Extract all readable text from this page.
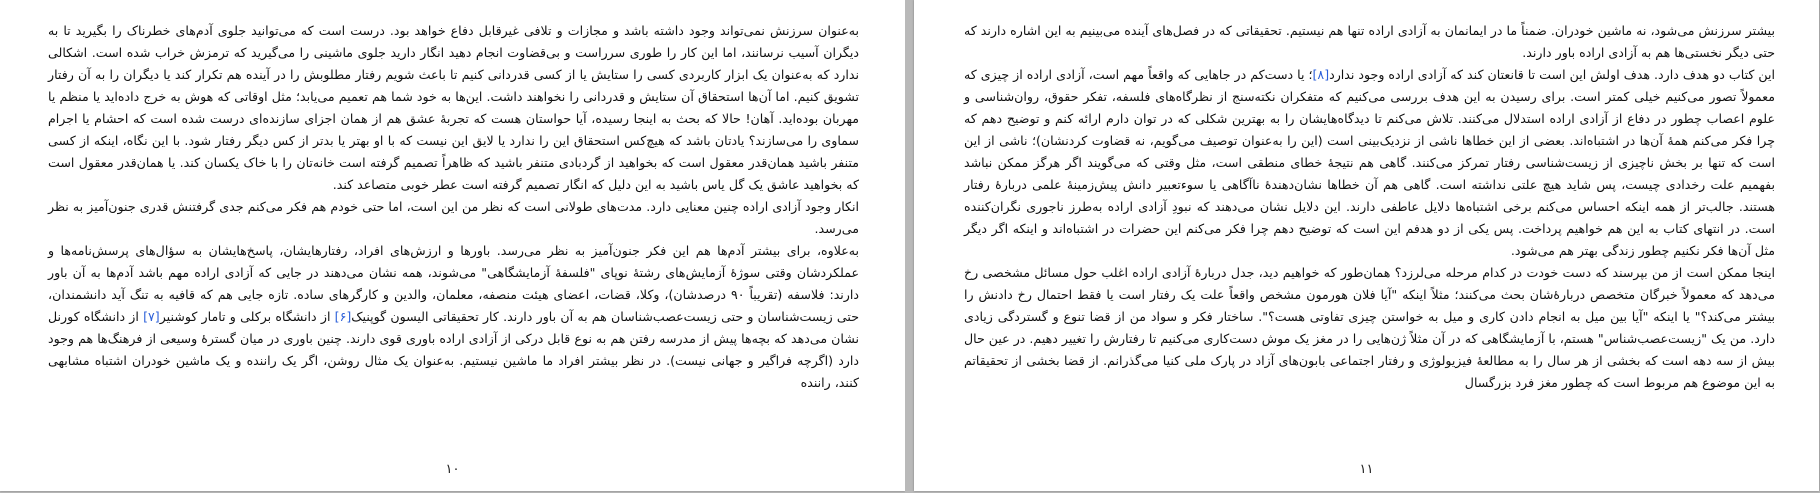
به‌عنوان سرزنش نمی‌تواند وجود داشته باشد و مجازات و تلافی غیرقابل دفاع خواهد بود. درست است که می‌توانید جلوی آدم‌های خطرناک را بگیرید تا به دیگران آسیب نرسانند، اما این کار را طوری سرراست و بی‌قضاوت انجام دهید انگار دارید جلوی ماشینی را می‌گیرید که ترمزش خراب شده است. اشکالی ندارد که به‌عنوان یک ابزار کاربردی کسی را ستایش یا از کسی قدردانی کنیم تا باعث شویم رفتار مطلوبش را در آینده هم تکرار کند یا دیگران را به آن رفتار تشویق کنیم. اما آن‌ها استحقاق آن ستایش و قدردانی را نخواهند داشت. این‌ها به خود شما هم تعمیم می‌یابد؛ مثل اوقاتی که هوش به خرج داده‌اید یا منظم یا مهربان بوده‌اید. آهان! حالا که بحث به اینجا رسیده، آیا حواستان هست که تجربهٔ عشق هم از همان اجزای سازنده‌ای درست شده است که احشام یا اجرام سماوی را می‌سازند؟ یادتان باشد که هیچ‌کس استحقاق این را ندارد یا لایق این نیست که با او بهتر یا بدتر از کس دیگر رفتار شود. با این نگاه، اینکه از کسی متنفر باشید همان‌قدر معقول است که بخواهید از گردبادی متنفر باشید که ظاهراً تصمیم گرفته است خانه‌تان را با خاک یکسان کند. یا همان‌قدر معقول است که بخواهید عاشق یک گل یاس باشید به این دلیل که انگار تصمیم گرفته است عطر خوبی متصاعد کند.

انکار وجود آزادی اراده چنین معنایی دارد. مدت‌های طولانی است که نظر من این است، اما حتی خودم هم فکر می‌کنم جدی گرفتنش قدری جنون‌آمیز به نظر می‌رسد.

به‌علاوه، برای بیشتر آدم‌ها هم این فکر جنون‌آمیز به نظر می‌رسد. باورها و ارزش‌های افراد، رفتارهایشان، پاسخ‌هایشان به سؤال‌های پرسش‌نامه‌ها و عملکردشان وقتی سوژهٔ آزمایش‌های رشتهٔ نوپای "فلسفهٔ آزمایشگاهی" می‌شوند، همه نشان می‌دهند در جایی که آزادی اراده مهم باشد آدم‌ها به آن باور دارند: فلاسفه (تقریباً ۹۰ درصدشان)، وکلا، قضات، اعضای هیئت منصفه، معلمان، والدین و کارگرهای ساده. تازه جایی هم که قافیه به تنگ آید دانشمندان، حتی زیست‌شناسان و حتی زیست‌عصب‌شناسان هم به آن باور دارند. کار تحقیقاتی الیسون گوپنیک[۶] از دانشگاه برکلی و تامار کوشنیر[۷] از دانشگاه کورنل نشان می‌دهد که بچه‌ها پیش از مدرسه رفتن هم به نوع قابل درکی از آزادی اراده باوری قوی دارند. چنین باوری در میان گسترهٔ وسیعی از فرهنگ‌ها هم وجود دارد (اگرچه فراگیر و جهانی نیست). در نظر بیشتر افراد ما ماشین نیستیم. به‌عنوان یک مثال روشن، اگر یک راننده و یک ماشین خودران اشتباه مشابهی کنند، راننده

۱۰

بیشتر سرزنش می‌شود، نه ماشین خودران. ضمناً ما در ایمانمان به آزادی اراده تنها هم نیستیم. تحقیقاتی که در فصل‌های آینده می‌بینیم به این اشاره دارند که حتی دیگر نخستی‌ها هم به آزادی اراده باور دارند.

این کتاب دو هدف دارد. هدف اولش این است تا قانعتان کند که آزادی اراده وجود ندارد[۸]؛ یا دست‌کم در جاهایی که واقعاً مهم است، آزادی اراده از چیزی که معمولاً تصور می‌کنیم خیلی کمتر است. برای رسیدن به این هدف بررسی می‌کنیم که متفکران نکته‌سنج از نظرگاه‌های فلسفه، تفکر حقوق، روان‌شناسی و علوم اعصاب چطور در دفاع از آزادی اراده استدلال می‌کنند. تلاش می‌کنم تا دیدگاه‌هایشان را به بهترین شکلی که در توان دارم ارائه کنم و توضیح دهم که چرا فکر می‌کنم همهٔ آن‌ها در اشتباه‌اند. بعضی از این خطاها ناشی از نزدیک‌بینی است (این را به‌عنوان توصیف می‌گویم، نه قضاوت کردنشان)؛ ناشی از این است که تنها بر بخش ناچیزی از زیست‌شناسی رفتار تمرکز می‌کنند. گاهی هم نتیجهٔ خطای منطقی است، مثل وقتی که می‌گویند اگر هرگز ممکن نباشد بفهمیم علت رخدادی چیست، پس شاید هیچ علتی نداشته است. گاهی هم آن خطاها نشان‌دهندهٔ ناآگاهی یا سوءتعبیر دانش پیش‌زمینهٔ علمی دربارهٔ رفتار هستند. جالب‌تر از همه اینکه احساس می‌کنم برخی اشتباه‌ها دلایل عاطفی دارند. این دلایل نشان می‌دهند که نبودِ آزادی اراده به‌طرز ناجوری نگران‌کننده است. در انتهای کتاب به این هم خواهیم پرداخت. پس یکی از دو هدفم این است که توضیح دهم چرا فکر می‌کنم این حضرات در اشتباه‌اند و اینکه اگر دیگر مثل آن‌ها فکر نکنیم چطور زندگی بهتر هم می‌شود.

اینجا ممکن است از من بپرسند که دست خودت در کدام مرحله می‌لرزد؟ همان‌طور که خواهیم دید، جدل دربارهٔ آزادی اراده اغلب حول مسائل مشخصی رخ می‌دهد که معمولاً خبرگان متخصص دربارهٔ‌شان بحث می‌کنند؛ مثلاً اینکه "آیا فلان هورمون مشخص واقعاً علت یک رفتار است یا فقط احتمال رخ دادنش را بیشتر می‌کند؟" یا اینکه "آیا بین میل به انجام دادن کاری و میل به خواستن چیزی تفاوتی هست؟". ساختار فکر و سواد من از قضا تنوع و گستردگی زیادی دارد. من یک "زیست‌عصب‌شناس" هستم، با آزمایشگاهی که در آن مثلاً ژن‌هایی را در مغز یک موش دست‌کاری می‌کنیم تا رفتارش را تغییر دهیم. در عین حال بیش از سه دهه است که بخشی از هر سال را به مطالعهٔ فیزیولوژی و رفتار اجتماعی بابون‌های آزاد در پارک ملی کنیا می‌گذرانم. از قضا بخشی از تحقیقاتم به این موضوع هم مربوط است که چطور مغز فرد بزرگسال

۱۱
